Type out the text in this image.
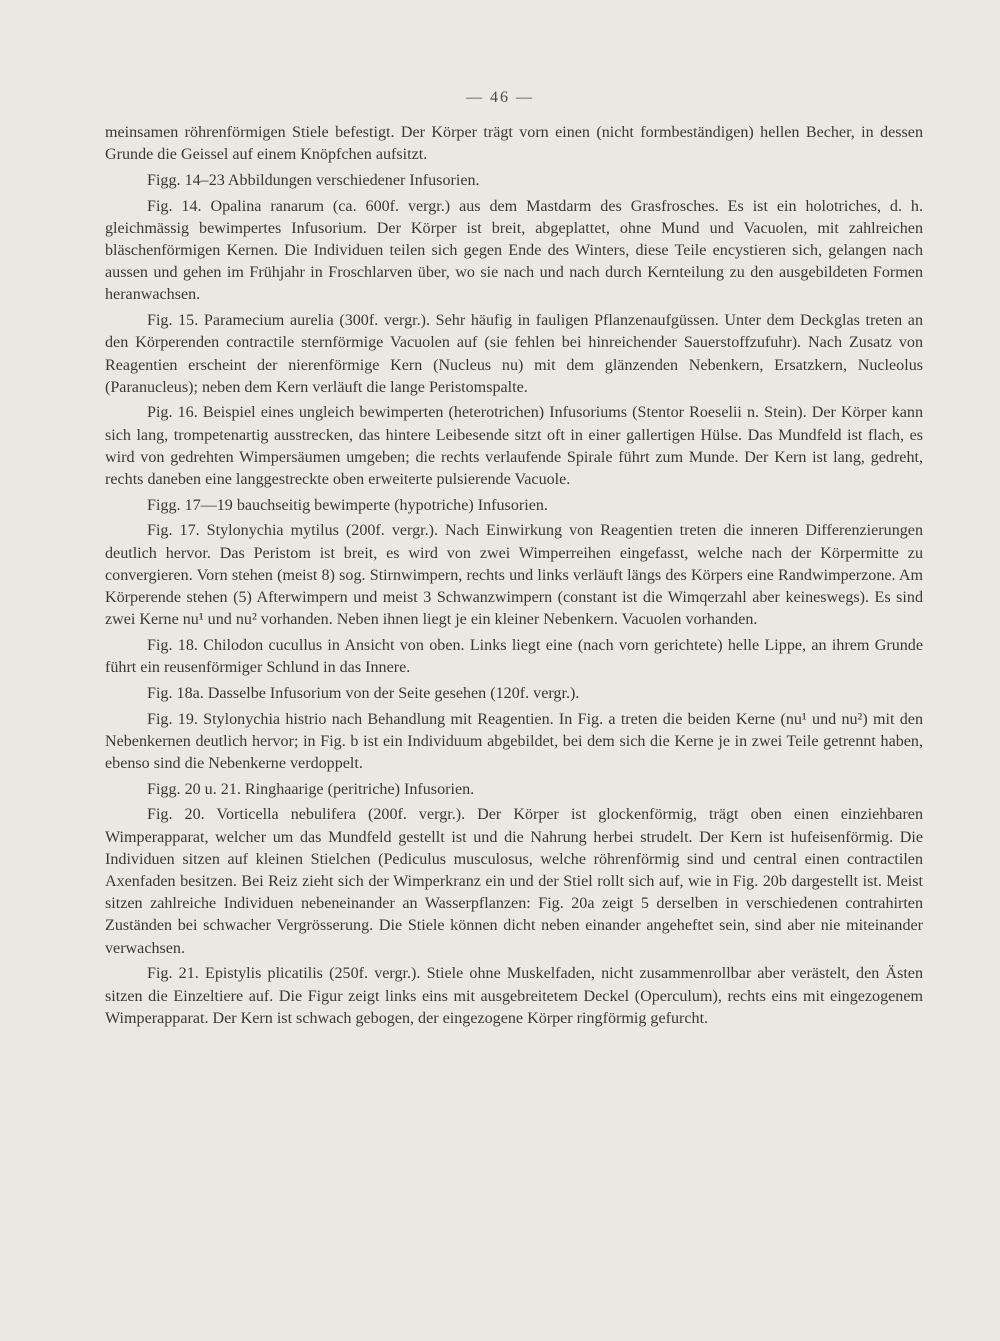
— 46 —

meinsamen röhrenförmigen Stiele befestigt. Der Körper trägt vorn einen (nicht formbeständigen) hellen Becher, in dessen Grunde die Geissel auf einem Knöpfchen aufsitzt.

Figg. 14–23 Abbildungen verschiedener Infusorien.

Fig. 14. Opalina ranarum (ca. 600f. vergr.) aus dem Mastdarm des Grasfrosches. Es ist ein holotriches, d. h. gleichmässig bewimpertes Infusorium. Der Körper ist breit, abgeplattet, ohne Mund und Vacuolen, mit zahlreichen bläschenförmigen Kernen. Die Individuen teilen sich gegen Ende des Winters, diese Teile encystieren sich, gelangen nach aussen und gehen im Frühjahr in Froschlarven über, wo sie nach und nach durch Kernteilung zu den ausgebildeten Formen heranwachsen.

Fig. 15. Paramecium aurelia (300f. vergr.). Sehr häufig in fauligen Pflanzenaufgüssen. Unter dem Deckglas treten an den Körperenden contractile sternförmige Vacuolen auf (sie fehlen bei hinreichender Sauerstoffzufuhr). Nach Zusatz von Reagentien erscheint der nierenförmige Kern (Nucleus nu) mit dem glänzenden Nebenkern, Ersatzkern, Nucleolus (Paranucleus); neben dem Kern verläuft die lange Peristomspalte.

Pig. 16. Beispiel eines ungleich bewimperten (heterotrichen) Infusoriums (Stentor Roeselii n. Stein). Der Körper kann sich lang, trompetenartig ausstrecken, das hintere Leibesende sitzt oft in einer gallertigen Hülse. Das Mundfeld ist flach, es wird von gedrehten Wimpersäumen umgeben; die rechts verlaufende Spirale führt zum Munde. Der Kern ist lang, gedreht, rechts daneben eine langgestreckte oben erweiterte pulsierende Vacuole.

Figg. 17—19 bauchseitig bewimperte (hypotriche) Infusorien.

Fig. 17. Stylonychia mytilus (200f. vergr.). Nach Einwirkung von Reagentien treten die inneren Differenzierungen deutlich hervor. Das Peristom ist breit, es wird von zwei Wimperreihen eingefasst, welche nach der Körpermitte zu convergieren. Vorn stehen (meist 8) sog. Stirnwimpern, rechts und links verläuft längs des Körpers eine Randwimperzone. Am Körperende stehen (5) Afterwimpern und meist 3 Schwanzwimpern (constant ist die Wimqerzahl aber keineswegs). Es sind zwei Kerne nu¹ und nu² vorhanden. Neben ihnen liegt je ein kleiner Nebenkern. Vacuolen vorhanden.

Fig. 18. Chilodon cucullus in Ansicht von oben. Links liegt eine (nach vorn gerichtete) helle Lippe, an ihrem Grunde führt ein reusenförmiger Schlund in das Innere.

Fig. 18a. Dasselbe Infusorium von der Seite gesehen (120f. vergr.).

Fig. 19. Stylonychia histrio nach Behandlung mit Reagentien. In Fig. a treten die beiden Kerne (nu¹ und nu²) mit den Nebenkernen deutlich hervor; in Fig. b ist ein Individuum abgebildet, bei dem sich die Kerne je in zwei Teile getrennt haben, ebenso sind die Nebenkerne verdoppelt.

Figg. 20 u. 21. Ringhaarige (peritriche) Infusorien.

Fig. 20. Vorticella nebulifera (200f. vergr.). Der Körper ist glockenförmig, trägt oben einen einziehbaren Wimperapparat, welcher um das Mundfeld gestellt ist und die Nahrung herbei strudelt. Der Kern ist hufeisenförmig. Die Individuen sitzen auf kleinen Stielchen (Pediculus musculosus, welche röhrenförmig sind und central einen contractilen Axenfaden besitzen. Bei Reiz zieht sich der Wimperkranz ein und der Stiel rollt sich auf, wie in Fig. 20b dargestellt ist. Meist sitzen zahlreiche Individuen nebeneinander an Wasserpflanzen: Fig. 20a zeigt 5 derselben in verschiedenen contrahirten Zuständen bei schwacher Vergrösserung. Die Stiele können dicht neben einander angeheftet sein, sind aber nie miteinander verwachsen.

Fig. 21. Epistylis plicatilis (250f. vergr.). Stiele ohne Muskelfaden, nicht zusammenrollbar aber verästelt, den Ästen sitzen die Einzeltiere auf. Die Figur zeigt links eins mit ausgebreitetem Deckel (Operculum), rechts eins mit eingezogenem Wimperapparat. Der Kern ist schwach gebogen, der eingezogene Körper ringförmig gefurcht.
